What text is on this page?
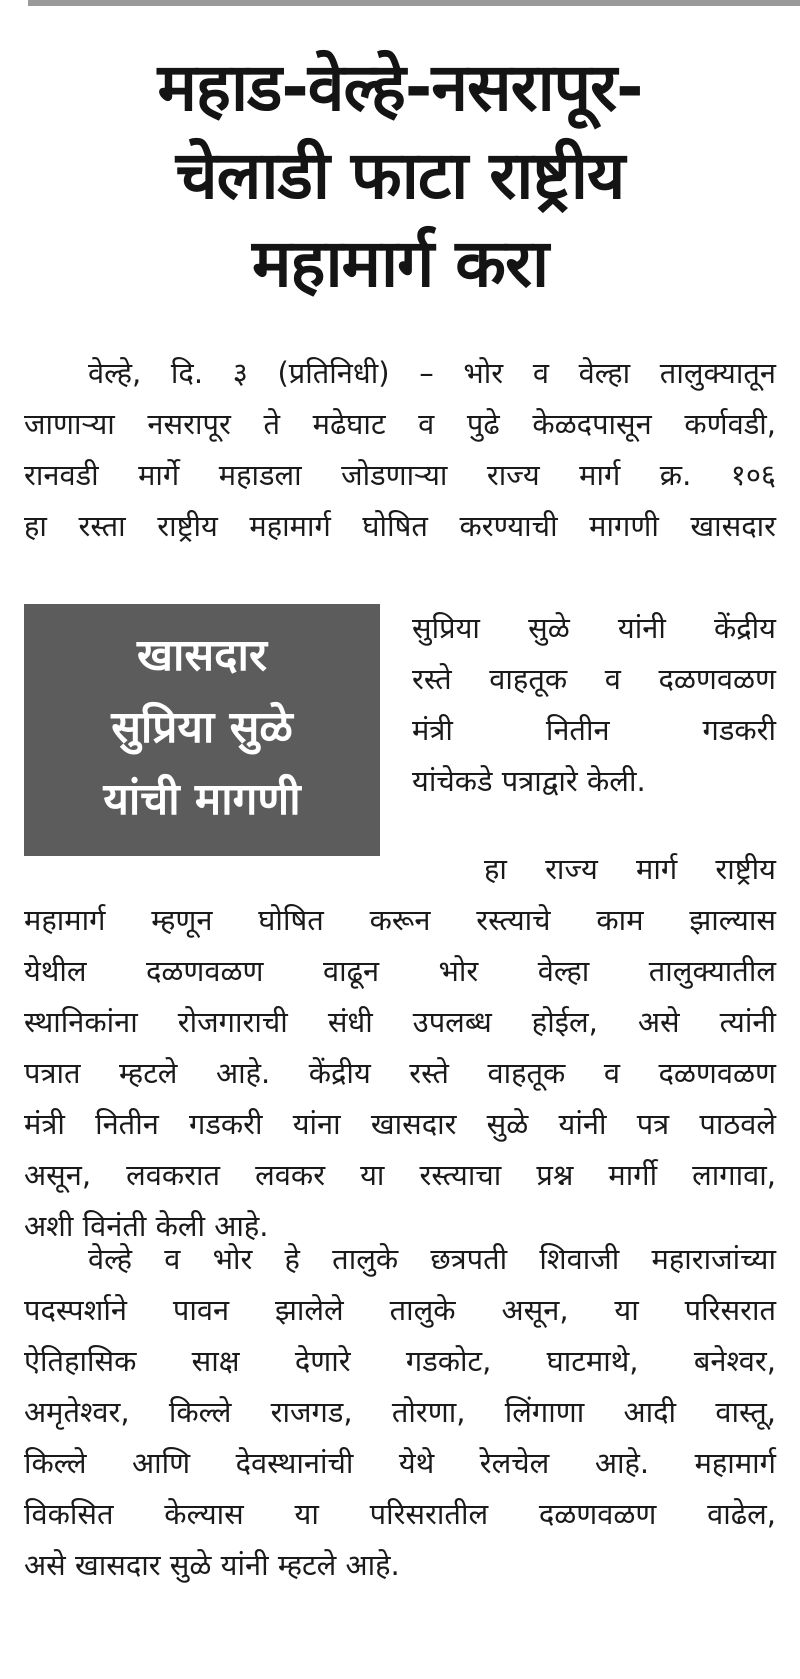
महाड-वेल्हे-नसरापूर-
चेलाडी फाटा राष्ट्रीय
महामार्ग करा
वेल्हे, दि. ३ (प्रतिनिधी) – भोर व वेल्हा तालुक्यातून
जाणाऱ्या नसरापूर ते मढेघाट व पुढे केळदपासून कर्णवडी,
रानवडी मार्गे महाडला जोडणाऱ्या राज्य मार्ग क्र. १०६
हा रस्ता राष्ट्रीय महामार्ग घोषित करण्याची मागणी खासदार
खासदार
सुप्रिया सुळे
यांची मागणी
सुप्रिया सुळे यांनी केंद्रीय
रस्ते वाहतूक व दळणवळण
मंत्री नितीन गडकरी
यांचेकडे पत्राद्वारे केली.
हा राज्य मार्ग राष्ट्रीय
महामार्ग म्हणून घोषित करून रस्त्याचे काम झाल्यास
येथील दळणवळण वाढून भोर वेल्हा तालुक्यातील
स्थानिकांना रोजगाराची संधी उपलब्ध होईल, असे त्यांनी
पत्रात म्हटले आहे. केंद्रीय रस्ते वाहतूक व दळणवळण
मंत्री नितीन गडकरी यांना खासदार सुळे यांनी पत्र पाठवले
असून, लवकरात लवकर या रस्त्याचा प्रश्न मार्गी लागावा,
अशी विनंती केली आहे.
वेल्हे व भोर हे तालुके छत्रपती शिवाजी महाराजांच्या
पदस्पर्शाने पावन झालेले तालुके असून, या परिसरात
ऐतिहासिक साक्ष देणारे गडकोट, घाटमाथे, बनेश्वर,
अमृतेश्वर, किल्ले राजगड, तोरणा, लिंगाणा आदी वास्तू,
किल्ले आणि देवस्थानांची येथे रेलचेल आहे. महामार्ग
विकसित केल्यास या परिसरातील दळणवळण वाढेल,
असे खासदार सुळे यांनी म्हटले आहे.
